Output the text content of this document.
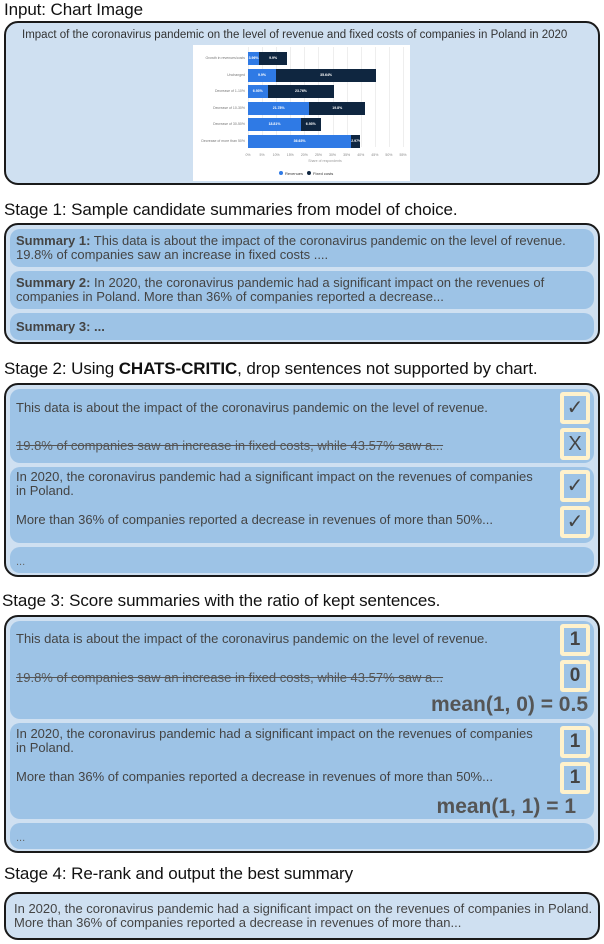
Input: Chart Image
Impact of the coronavirus pandemic on the level of revenue and fixed costs of companies in Poland in 2020
0%	5% 10% 15% 20% 25% 30% 35% 40% 45% 50% 55%
Growth in revenues/costs 3.96%	9.9%
Unchanged	9.9%	35.64%
Decrease of 1-10%	6.93%	23.76%
Decrease of 10-30%	21.78%	19.8%
Decrease of 30-50%	18.81%	6.93%
Decrease of more than 50%	36.63%	2.97%
Share of respondents
Revenues	Fixed costs
Stage 1: Sample candidate summaries from model of choice.
Summary 1: This data is about the impact of the coronavirus pandemic on the level of revenue. 19.8% of companies saw an increase in fixed costs ....
Summary 2: In 2020, the coronavirus pandemic had a significant impact on the revenues of companies in Poland. More than 36% of companies reported a decrease...
Summary 3: ...
Stage 2: Using CHATS-CRITIC, drop sentences not supported by chart.
This data is about the impact of the coronavirus pandemic on the level of revenue.	✓
19.8% of companies saw an increase in fixed costs, while 43.57% saw a...	X
In 2020, the coronavirus pandemic had a significant impact on the revenues of companies in Poland.	✓
More than 36% of companies reported a decrease in revenues of more than 50%...	✓
...
Stage 3: Score summaries with the ratio of kept sentences.
This data is about the impact of the coronavirus pandemic on the level of revenue.	1
19.8% of companies saw an increase in fixed costs, while 43.57% saw a...	0
mean(1, 0) = 0.5
In 2020, the coronavirus pandemic had a significant impact on the revenues of companies in Poland.	1
More than 36% of companies reported a decrease in revenues of more than 50%...	1
mean(1, 1) = 1
...
Stage 4: Re-rank and output the best summary
In 2020, the coronavirus pandemic had a significant impact on the revenues of companies in Poland. More than 36% of companies reported a decrease in revenues of more than...
